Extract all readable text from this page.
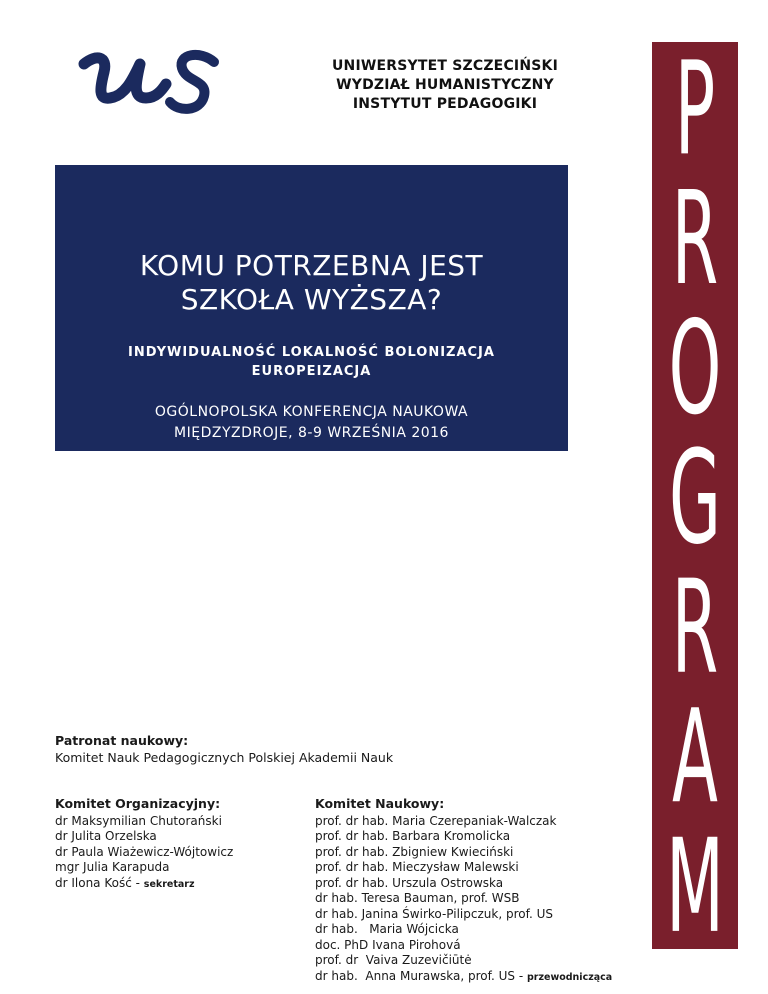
UNIWERSYTET SZCZECIŃSKI
WYDZIAŁ HUMANISTYCZNY
INSTYTUT PEDAGOGIKI
KOMU POTRZEBNA JEST
SZKOŁA WYŻSZA?
INDYWIDUALNOŚĆ LOKALNOŚĆ BOLONIZACJA
EUROPEIZACJA
OGÓLNOPOLSKA KONFERENCJA NAUKOWA
MIĘDZYZDROJE, 8-9 WRZEŚNIA 2016
P
R
O
G
R
A
M
Patronat naukowy:
Komitet Nauk Pedagogicznych Polskiej Akademii Nauk
Komitet Organizacyjny:
dr Maksymilian Chutorański
dr Julita Orzelska
dr Paula Wiażewicz-Wójtowicz
mgr Julia Karapuda
dr Ilona Kość - sekretarz
Komitet Naukowy:
prof. dr hab. Maria Czerepaniak-Walczak
prof. dr hab. Barbara Kromolicka
prof. dr hab. Zbigniew Kwieciński
prof. dr hab. Mieczysław Malewski
prof. dr hab. Urszula Ostrowska
dr hab. Teresa Bauman, prof. WSB
dr hab. Janina Świrko-Pilipczuk, prof. US
dr hab.   Maria Wójcicka
doc. PhD Ivana Pirohová
prof. dr  Vaiva Zuzevičiūtė
dr hab.  Anna Murawska, prof. US - przewodnicząca
